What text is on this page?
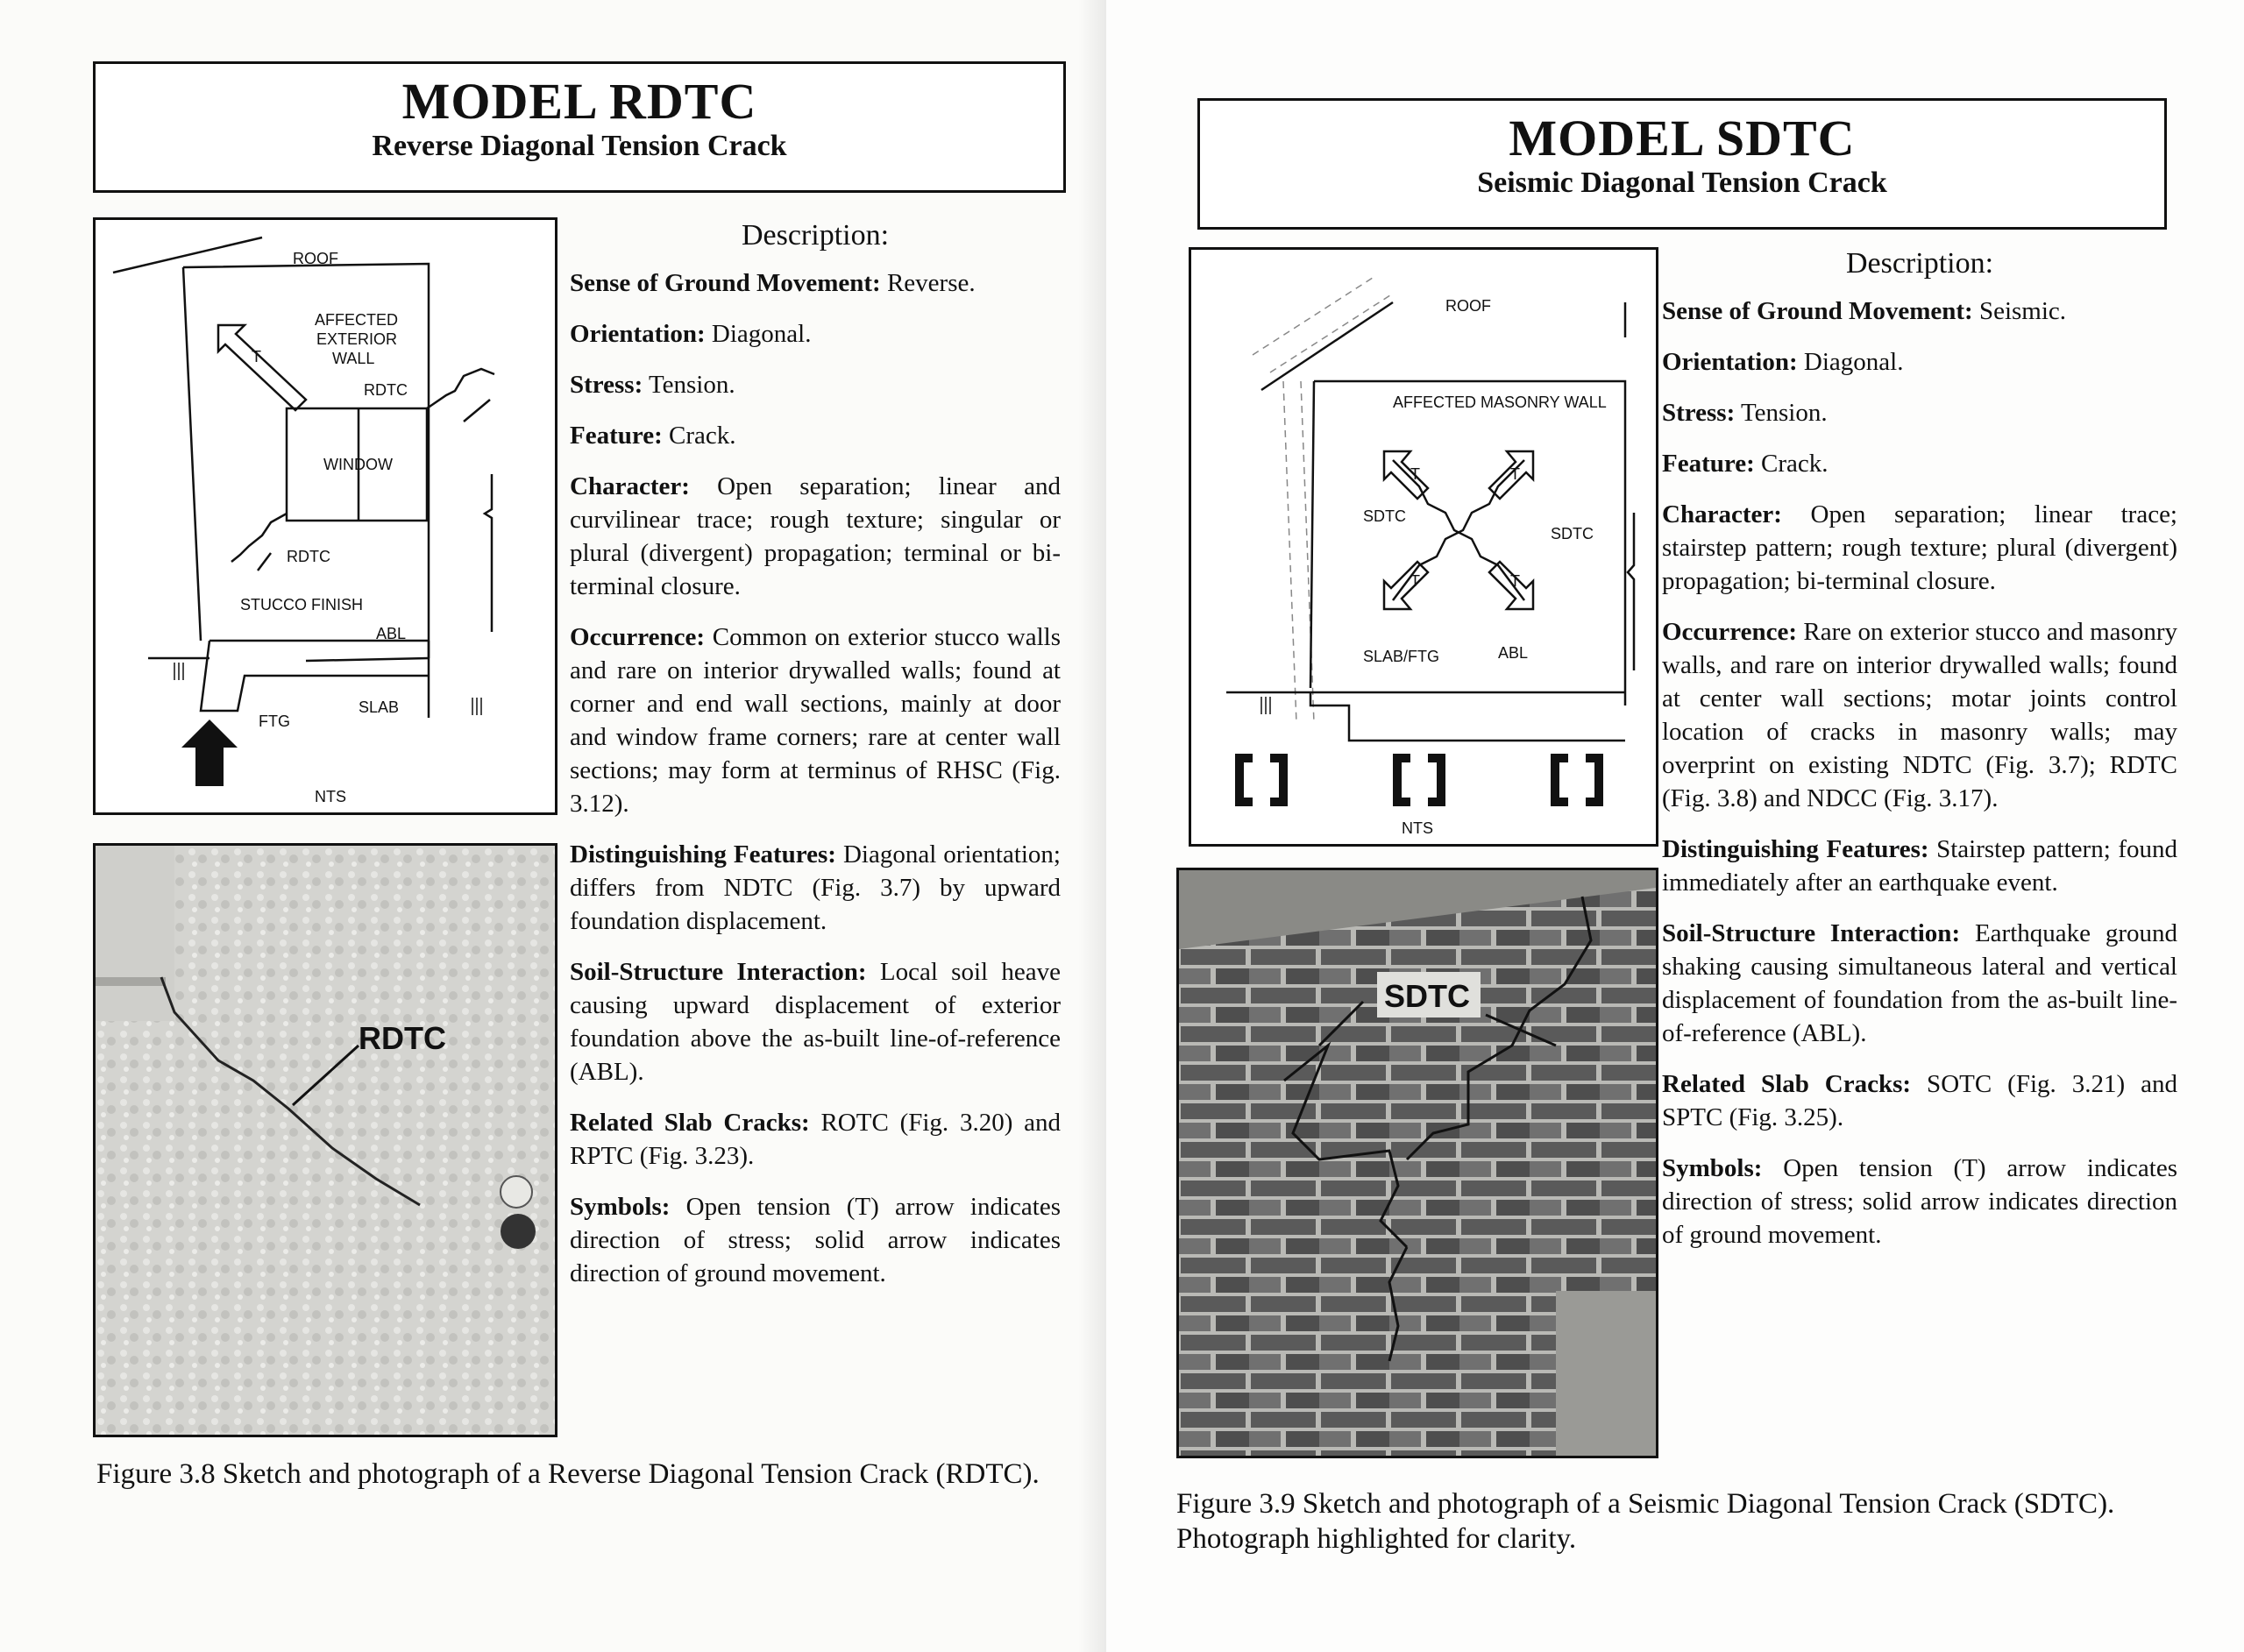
MODEL RDTC
Reverse Diagonal Tension Crack
ROOF
AFFECTED
EXTERIOR
WALL
T
RDTC
WINDOW
RDTC
STUCCO FINISH
ABL
SLAB
FTG
NTS
RDTC
Description:

Sense of Ground Movement: Reverse.

Orientation: Diagonal.

Stress: Tension.

Feature: Crack.

Character: Open separation; linear and curvilinear trace; rough texture; singular or plural (divergent) propagation; terminal or bi-terminal closure.

Occurrence: Common on exterior stucco walls and rare on interior drywalled walls; found at corner and end wall sections, mainly at door and window frame corners; rare at center wall sections; may form at terminus of RHSC (Fig. 3.12).

Distinguishing Features: Diagonal orientation; differs from NDTC (Fig. 3.7) by upward foundation displacement.

Soil-Structure Interaction: Local soil heave causing upward displacement of exterior foundation above the as-built line-of-reference (ABL).

Related Slab Cracks: ROTC (Fig. 3.20) and RPTC (Fig. 3.23).

Symbols: Open tension (T) arrow indicates direction of stress; solid arrow indicates direction of ground movement.

Figure 3.8 Sketch and photograph of a Reverse Diagonal Tension Crack (RDTC).
MODEL SDTC
Seismic Diagonal Tension Crack
ROOF
AFFECTED MASONRY WALL
SDTC
SDTC
T	T
T	T
SLAB/FTG	ABL
NTS
SDTC
Description:

Sense of Ground Movement: Seismic.

Orientation: Diagonal.

Stress: Tension.

Feature: Crack.

Character: Open separation; linear trace; stairstep pattern; rough texture; plural (divergent) propagation; bi-terminal closure.

Occurrence: Rare on exterior stucco and masonry walls, and rare on interior drywalled walls; found at center wall sections; motar joints control location of cracks in masonry walls; may overprint on existing NDTC (Fig. 3.7); RDTC (Fig. 3.8) and NDCC (Fig. 3.17).

Distinguishing Features: Stairstep pattern; found immediately after an earthquake event.

Soil-Structure Interaction: Earthquake ground shaking causing simultaneous lateral and vertical displacement of foundation from the as-built line-of-reference (ABL).

Related Slab Cracks: SOTC (Fig. 3.21) and SPTC (Fig. 3.25).

Symbols: Open tension (T) arrow indicates direction of stress; solid arrow indicates direction of ground movement.

Figure 3.9 Sketch and photograph of a Seismic Diagonal Tension Crack (SDTC). Photograph highlighted for clarity.
